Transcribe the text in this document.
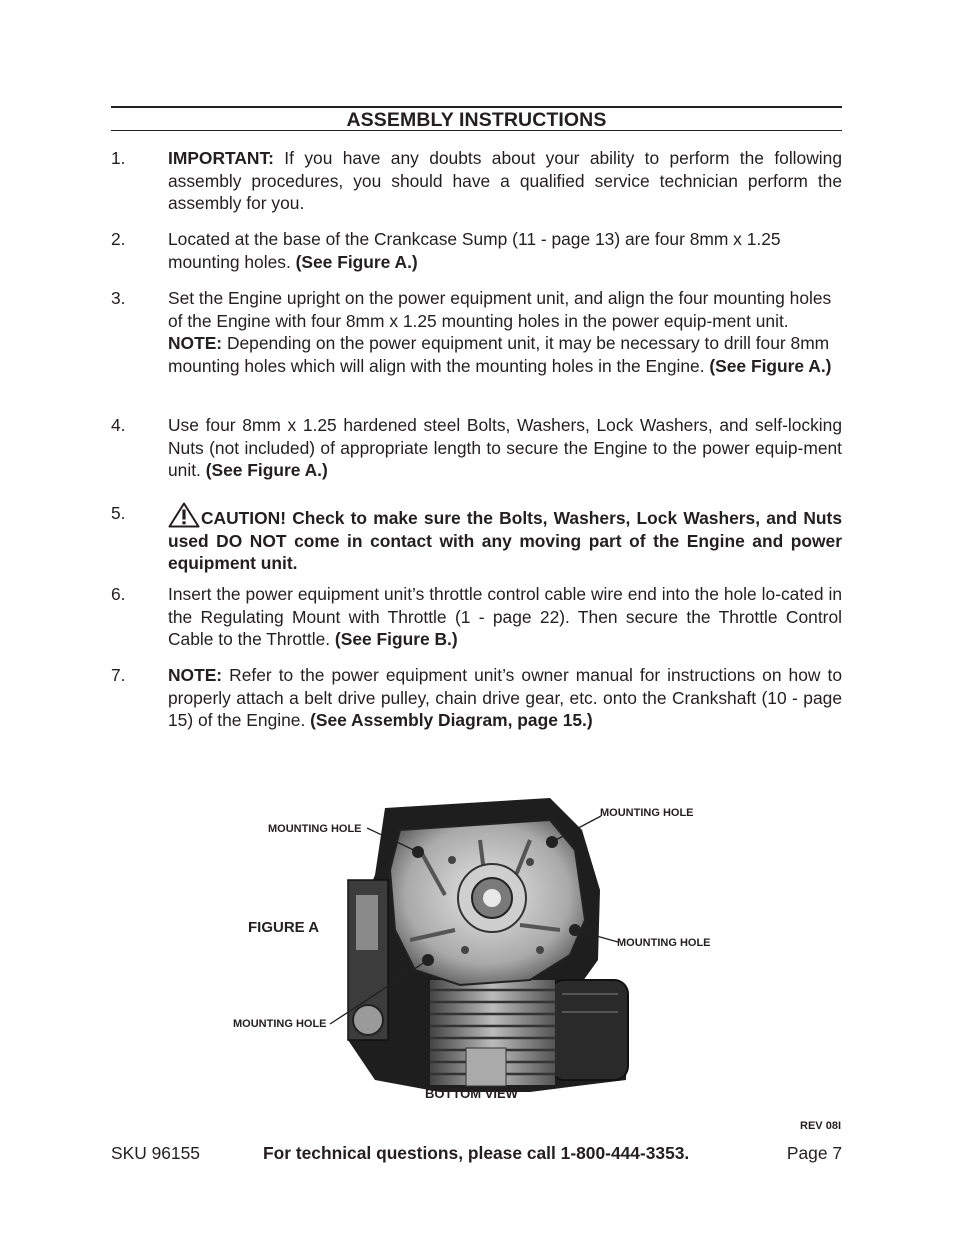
ASSEMBLY INSTRUCTIONS
1. IMPORTANT: If you have any doubts about your ability to perform the following assembly procedures, you should have a qualified service technician perform the assembly for you.
2. Located at the base of the Crankcase Sump (11 - page 13) are four 8mm x 1.25 mounting holes. (See Figure A.)
3. Set the Engine upright on the power equipment unit, and align the four mounting holes of the Engine with four 8mm x 1.25 mounting holes in the power equip-ment unit. NOTE: Depending on the power equipment unit, it may be necessary to drill four 8mm mounting holes which will align with the mounting holes in the Engine. (See Figure A.)
4. Use four 8mm x 1.25 hardened steel Bolts, Washers, Lock Washers, and self-locking Nuts (not included) of appropriate length to secure the Engine to the power equip-ment unit. (See Figure A.)
5.	CAUTION! Check to make sure the Bolts, Washers, Lock Washers, and Nuts used DO NOT come in contact with any moving part of the Engine and power equipment unit.
6. Insert the power equipment unit’s throttle control cable wire end into the hole lo-cated in the Regulating Mount with Throttle (1 - page 22). Then secure the Throttle Control Cable to the Throttle. (See Figure B.)
7. NOTE: Refer to the power equipment unit’s owner manual for instructions on how to properly attach a belt drive pulley, chain drive gear, etc. onto the Crankshaft (10 - page 15) of the Engine. (See Assembly Diagram, page 15.)
MOUNTING HOLE
MOUNTING HOLE
MOUNTING HOLE
MOUNTING HOLE
FIGURE A
BOTTOM VIEW
REV 08I
SKU 96155	For technical questions, please call 1-800-444-3353.	Page 7
